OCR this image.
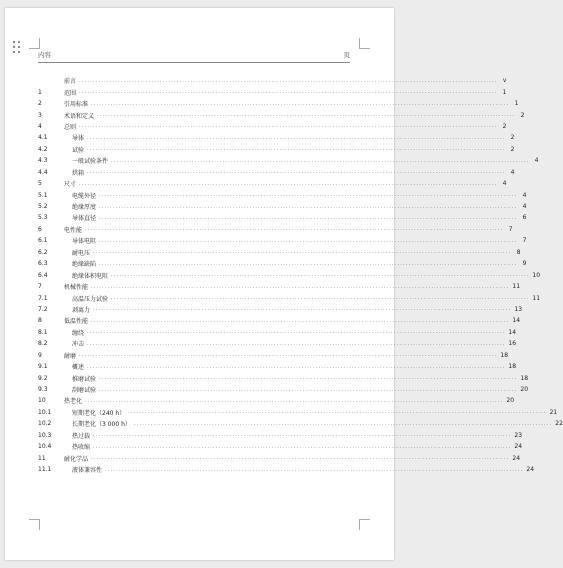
内容	页
前言 ...................................................................................................................................................... v
1	范围 ...................................................................................................................................................... 1
2	引用标准 ...................................................................................................................................................... 1
3	术语和定义 ...................................................................................................................................................... 2
4	总则 ...................................................................................................................................................... 2
4.1	导体 ...................................................................................................................................................... 2
4.2	试验 ...................................................................................................................................................... 2
4.3	一般试验条件 ...................................................................................................................................................... 4
4.4	烘箱 ...................................................................................................................................................... 4
5	尺寸 ...................................................................................................................................................... 4
5.1	电缆外径 ...................................................................................................................................................... 4
5.2	绝缘厚度 ...................................................................................................................................................... 4
5.3	导体直径 ...................................................................................................................................................... 6
6	电性能 ...................................................................................................................................................... 7
6.1	导体电阻 ...................................................................................................................................................... 7
6.2	耐电压 ...................................................................................................................................................... 8
6.3	绝缘缺陷 ...................................................................................................................................................... 9
6.4	绝缘体积电阻 ...................................................................................................................................................... 10
7	机械性能 ...................................................................................................................................................... 11
7.1	高温压力试验 ...................................................................................................................................................... 11
7.2	剥离力 ...................................................................................................................................................... 13
8	低温性能 ...................................................................................................................................................... 14
8.1	缠绕 ...................................................................................................................................................... 14
8.2	冲击 ...................................................................................................................................................... 16
9	耐磨 ...................................................................................................................................................... 18
9.1	概述 ...................................................................................................................................................... 18
9.2	推磨试验 ...................................................................................................................................................... 18
9.3	刮磨试验 ...................................................................................................................................................... 20
10	热老化 ...................................................................................................................................................... 20
10.1	短期老化（240 h） ...................................................................................................................................................... 21
10.2	长期老化（3 000 h） ...................................................................................................................................................... 22
10.3	热过载 ...................................................................................................................................................... 23
10.4	热收缩 ...................................................................................................................................................... 24
11	耐化学品 ...................................................................................................................................................... 24
11.1	液体兼容性 ...................................................................................................................................................... 24
